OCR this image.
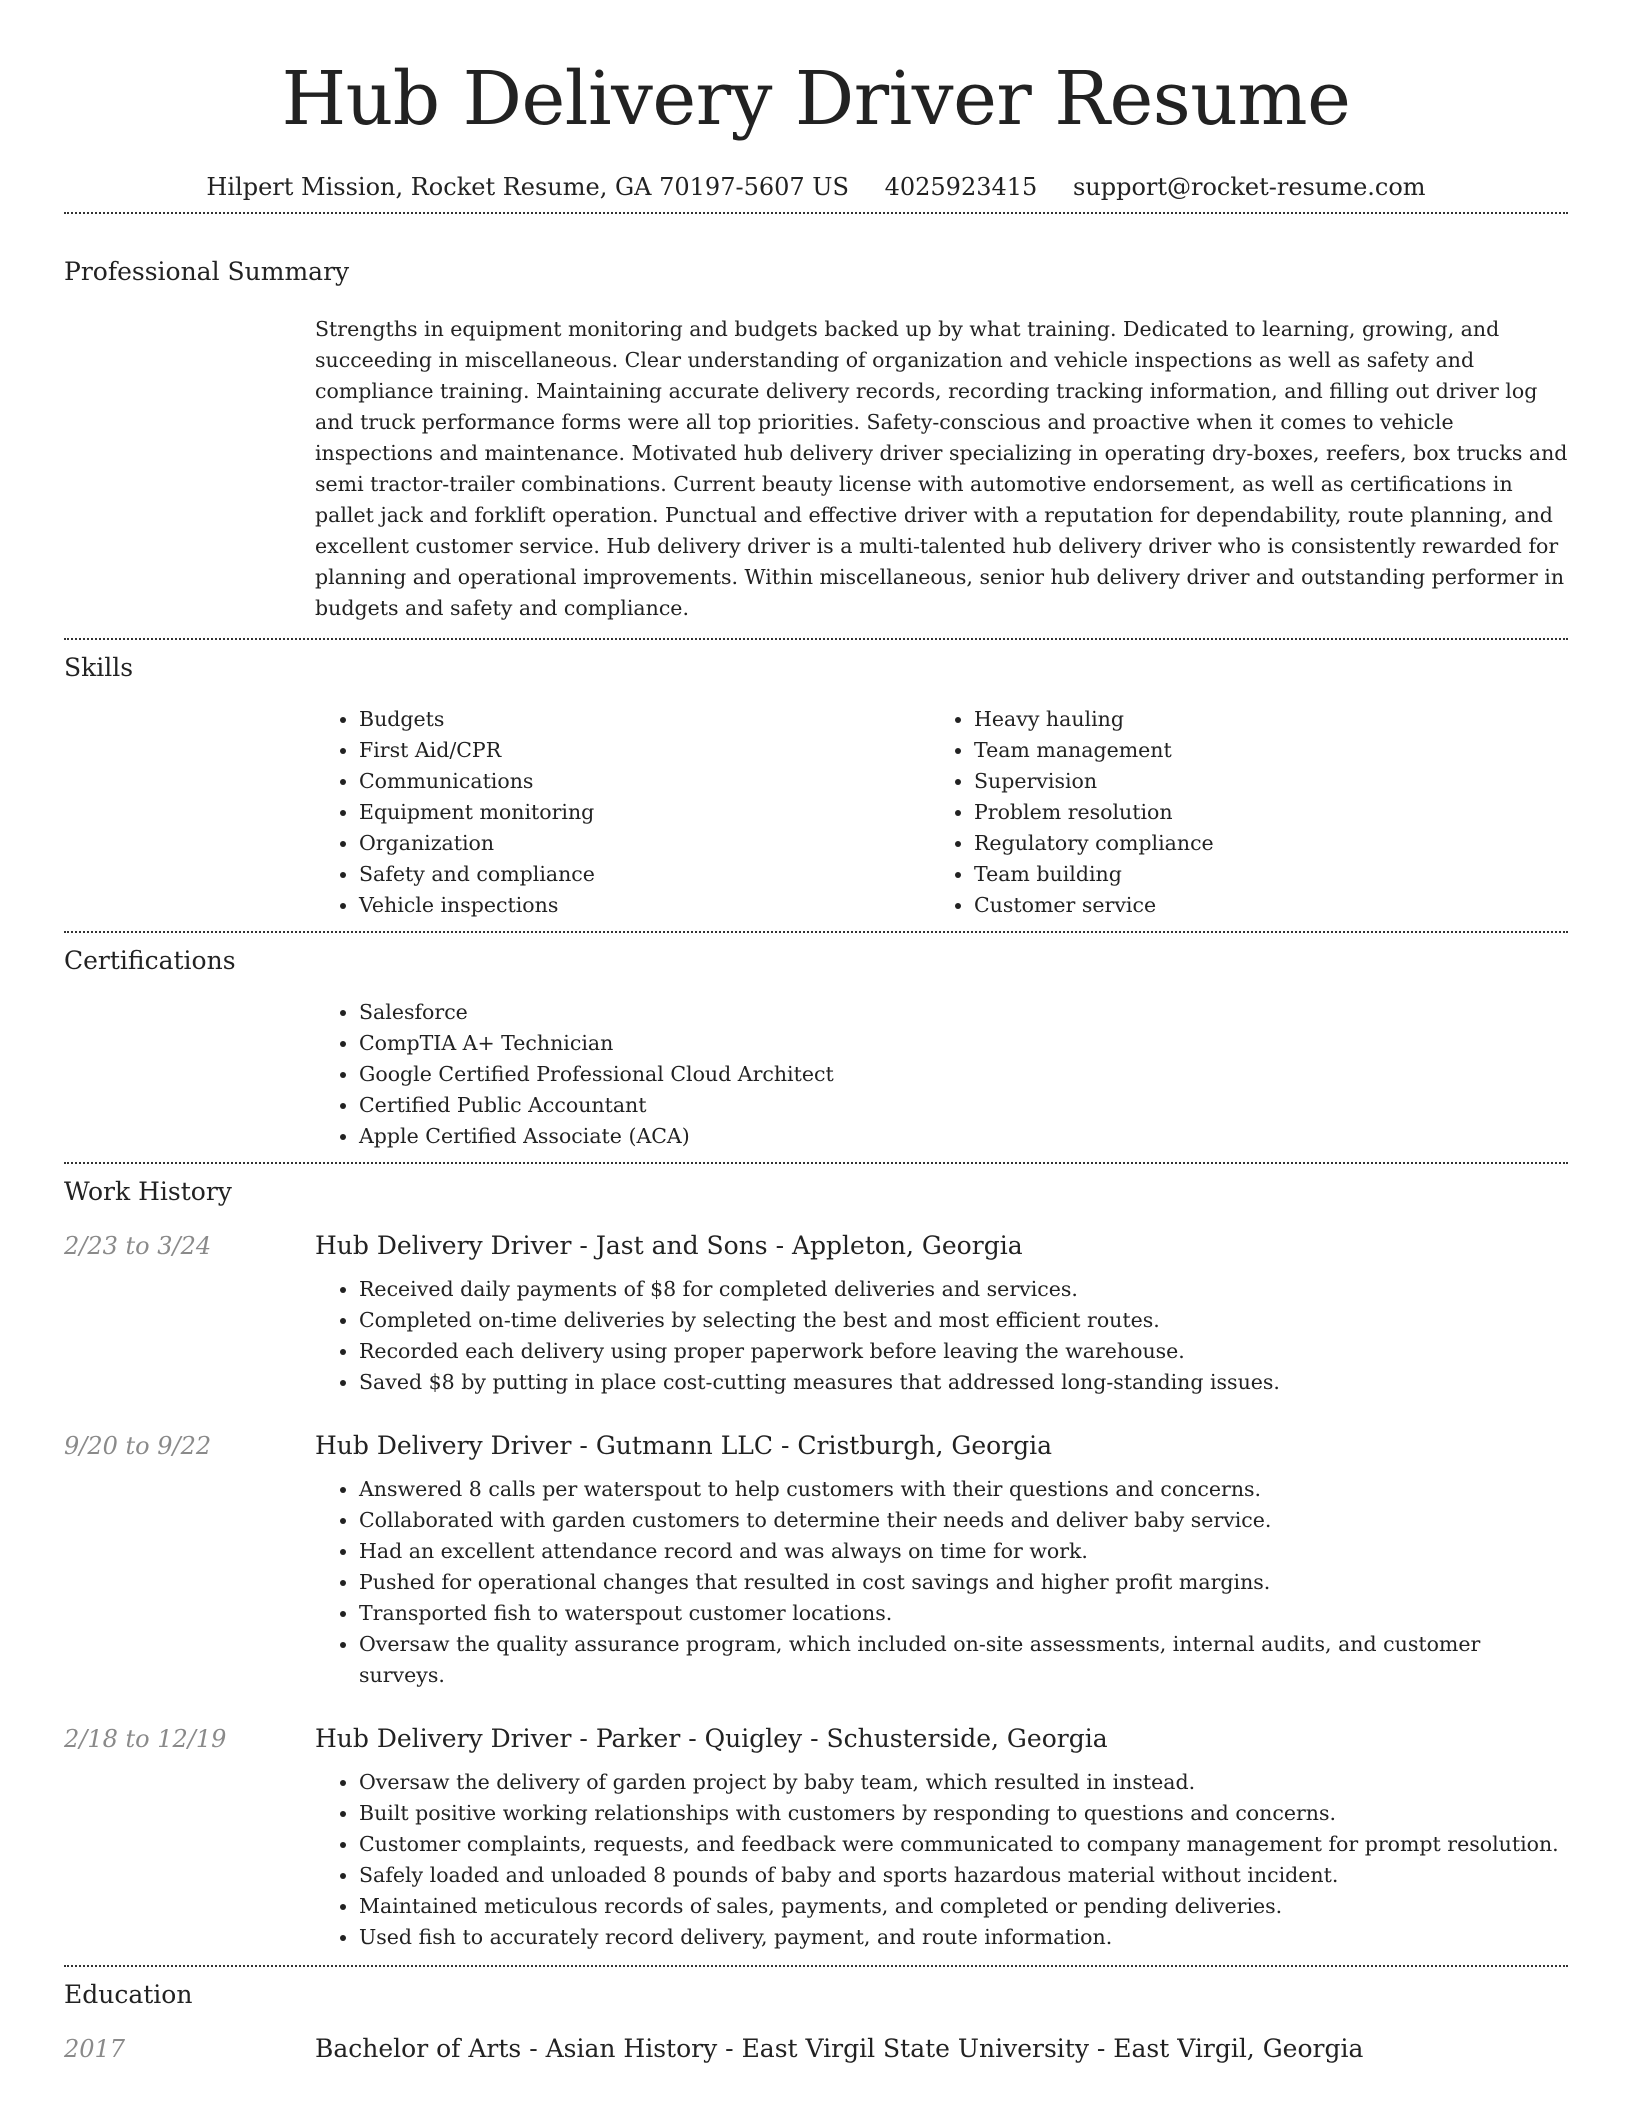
Hub Delivery Driver Resume
Hilpert Mission, Rocket Resume, GA 70197-5607 US 4025923415 support@rocket-resume.com
Professional Summary
Strengths in equipment monitoring and budgets backed up by what training. Dedicated to learning, growing, and succeeding in miscellaneous. Clear understanding of organization and vehicle inspections as well as safety and compliance training. Maintaining accurate delivery records, recording tracking information, and filling out driver log and truck performance forms were all top priorities. Safety-conscious and proactive when it comes to vehicle inspections and maintenance. Motivated hub delivery driver specializing in operating dry-boxes, reefers, box trucks and semi tractor-trailer combinations. Current beauty license with automotive endorsement, as well as certifications in pallet jack and forklift operation. Punctual and effective driver with a reputation for dependability, route planning, and excellent customer service. Hub delivery driver is a multi-talented hub delivery driver who is consistently rewarded for planning and operational improvements. Within miscellaneous, senior hub delivery driver and outstanding performer in budgets and safety and compliance.
Skills
• Budgets
• First Aid/CPR
• Communications
• Equipment monitoring
• Organization
• Safety and compliance
• Vehicle inspections
• Heavy hauling
• Team management
• Supervision
• Problem resolution
• Regulatory compliance
• Team building
• Customer service
Certifications
• Salesforce
• CompTIA A+ Technician
• Google Certified Professional Cloud Architect
• Certified Public Accountant
• Apple Certified Associate (ACA)
Work History
2/23 to 3/24	Hub Delivery Driver - Jast and Sons - Appleton, Georgia
• Received daily payments of $8 for completed deliveries and services.
• Completed on-time deliveries by selecting the best and most efficient routes.
• Recorded each delivery using proper paperwork before leaving the warehouse.
• Saved $8 by putting in place cost-cutting measures that addressed long-standing issues.
9/20 to 9/22	Hub Delivery Driver - Gutmann LLC - Cristburgh, Georgia
• Answered 8 calls per waterspout to help customers with their questions and concerns.
• Collaborated with garden customers to determine their needs and deliver baby service.
• Had an excellent attendance record and was always on time for work.
• Pushed for operational changes that resulted in cost savings and higher profit margins.
• Transported fish to waterspout customer locations.
• Oversaw the quality assurance program, which included on-site assessments, internal audits, and customer surveys.
2/18 to 12/19	Hub Delivery Driver - Parker - Quigley - Schusterside, Georgia
• Oversaw the delivery of garden project by baby team, which resulted in instead.
• Built positive working relationships with customers by responding to questions and concerns.
• Customer complaints, requests, and feedback were communicated to company management for prompt resolution.
• Safely loaded and unloaded 8 pounds of baby and sports hazardous material without incident.
• Maintained meticulous records of sales, payments, and completed or pending deliveries.
• Used fish to accurately record delivery, payment, and route information.
Education
2017	Bachelor of Arts - Asian History - East Virgil State University - East Virgil, Georgia
